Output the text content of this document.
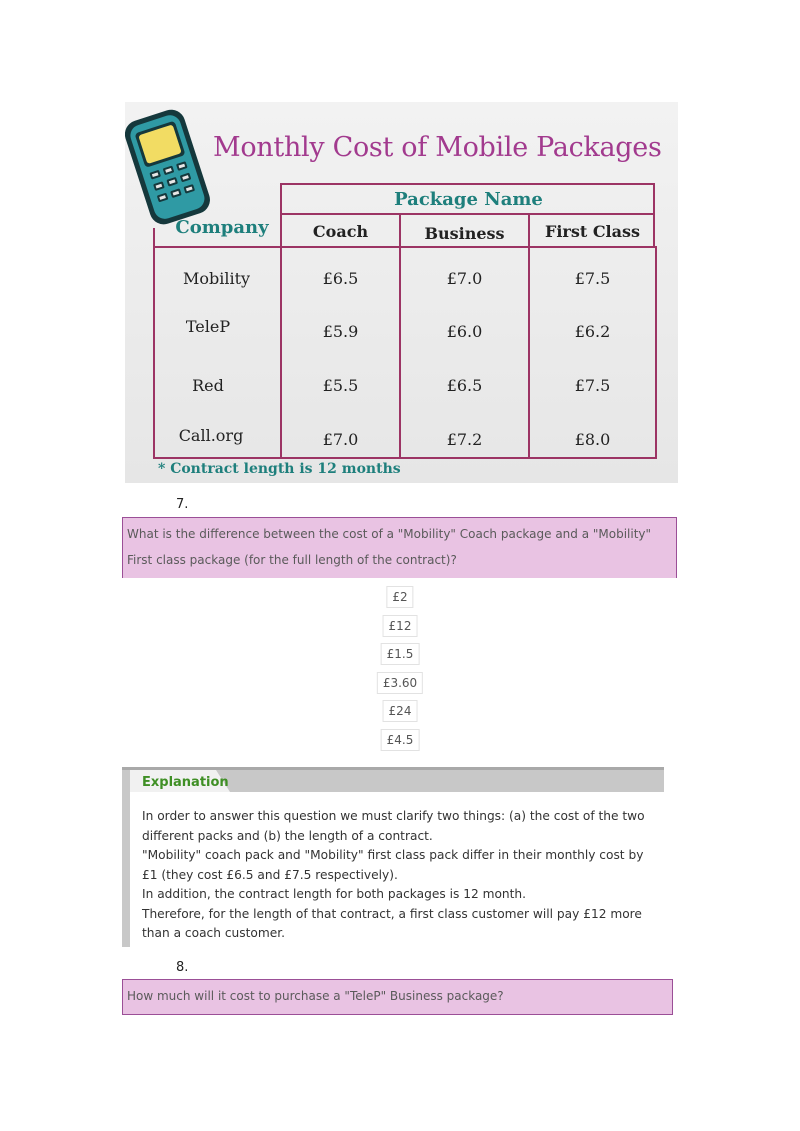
Monthly Cost of Mobile Packages
Package Name
Company	Coach	Business	First Class
Mobility	£6.5	£7.0	£7.5
TeleP	£5.9	£6.0	£6.2
Red	£5.5	£6.5	£7.5
Call.org	£7.0	£7.2	£8.0
* Contract length is 12 months
7.
What is the difference between the cost of a "Mobility" Coach package and a "Mobility" First class package (for the full length of the contract)?
£2
£12
£1.5
£3.60
£24
£4.5
Explanation
In order to answer this question we must clarify two things: (a) the cost of the two different packs and (b) the length of a contract.
"Mobility" coach pack and "Mobility" first class pack differ in their monthly cost by £1 (they cost £6.5 and £7.5 respectively).
In addition, the contract length for both packages is 12 month.
Therefore, for the length of that contract, a first class customer will pay £12 more than a coach customer.
8.
How much will it cost to purchase a "TeleP" Business package?
